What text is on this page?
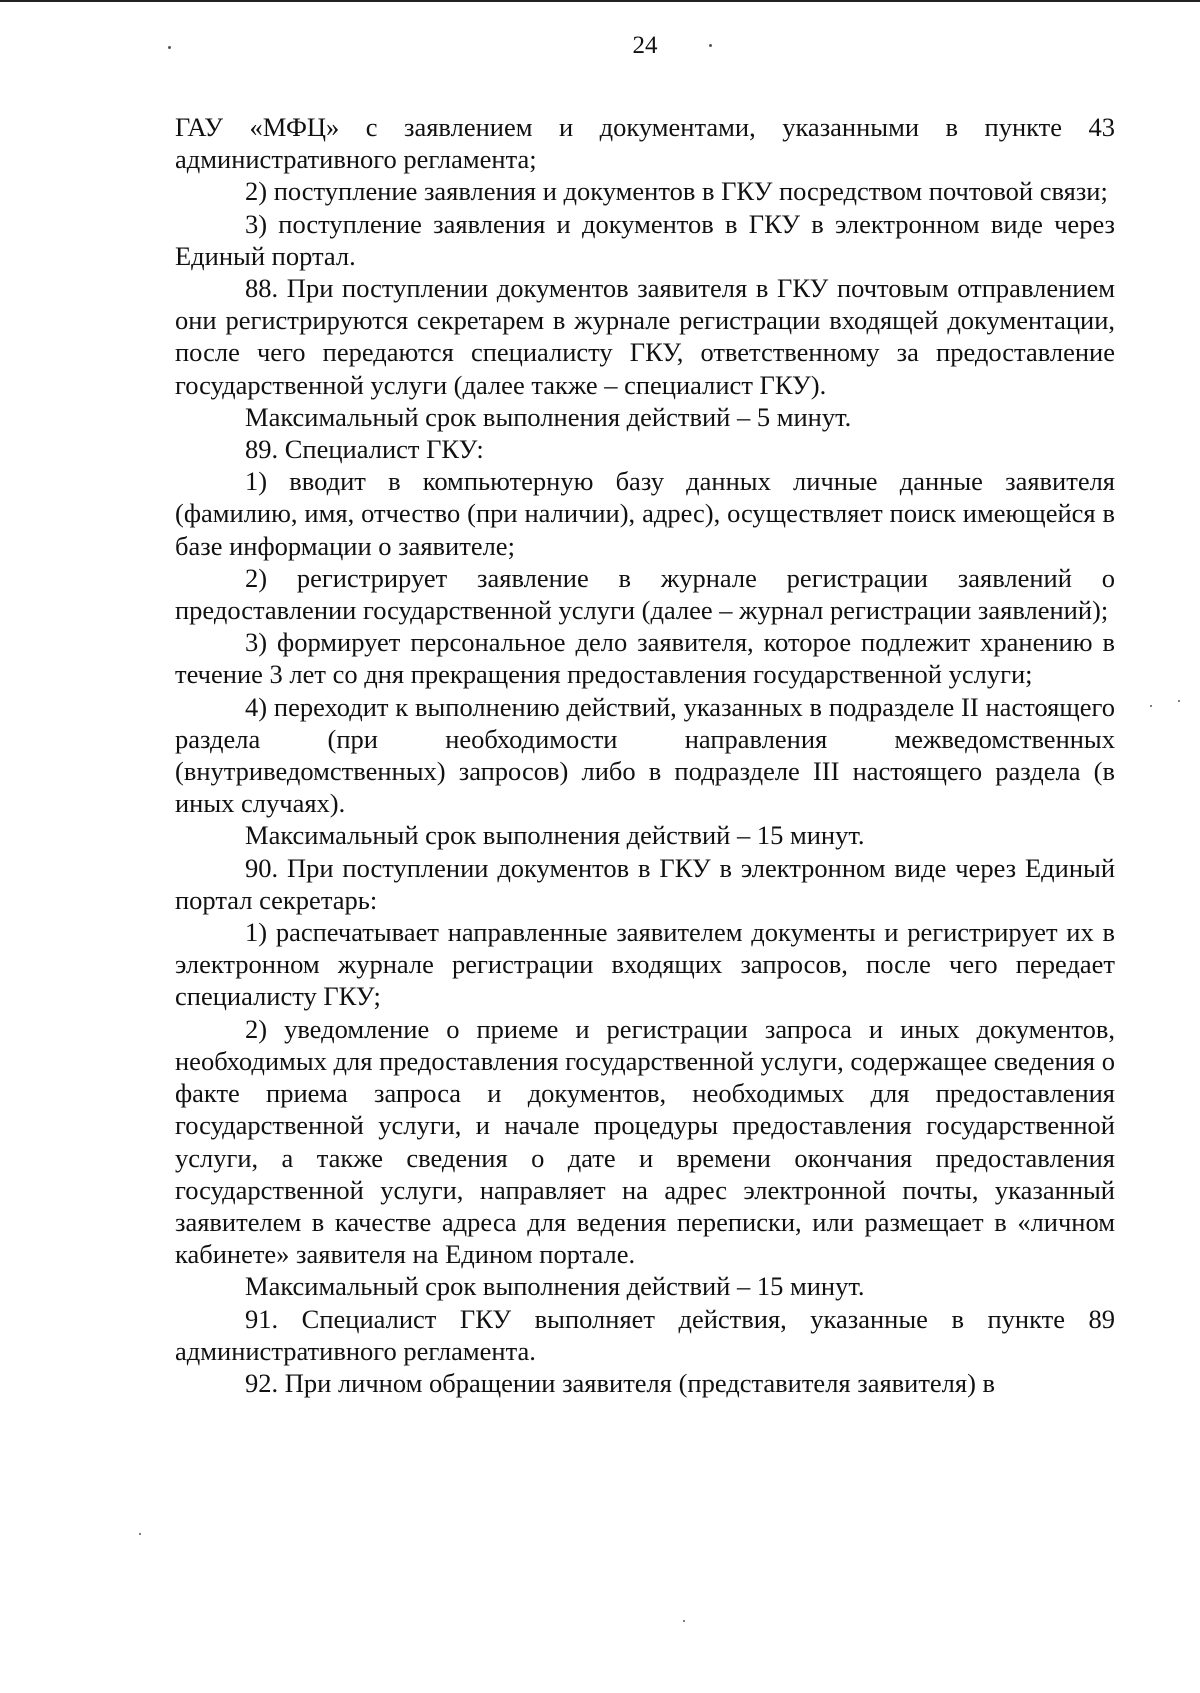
24

ГАУ «МФЦ» с заявлением и документами, указанными в пункте 43 административного регламента;

2) поступление заявления и документов в ГКУ посредством почтовой связи;

3) поступление заявления и документов в ГКУ в электронном виде через Единый портал.

88. При поступлении документов заявителя в ГКУ почтовым отправлением они регистрируются секретарем в журнале регистрации входящей документации, после чего передаются специалисту ГКУ, ответственному за предоставление государственной услуги (далее также – специалист ГКУ).

Максимальный срок выполнения действий – 5 минут.

89. Специалист ГКУ:

1) вводит в компьютерную базу данных личные данные заявителя (фамилию, имя, отчество (при наличии), адрес), осуществляет поиск имеющейся в базе информации о заявителе;

2) регистрирует заявление в журнале регистрации заявлений о предоставлении государственной услуги (далее – журнал регистрации заявлений);

3) формирует персональное дело заявителя, которое подлежит хранению в течение 3 лет со дня прекращения предоставления государственной услуги;

4) переходит к выполнению действий, указанных в подразделе II настоящего раздела (при необходимости направления межведомственных (внутриведомственных) запросов) либо в подразделе III настоящего раздела (в иных случаях).

Максимальный срок выполнения действий – 15 минут.

90. При поступлении документов в ГКУ в электронном виде через Единый портал секретарь:

1) распечатывает направленные заявителем документы и регистрирует их в электронном журнале регистрации входящих запросов, после чего передает специалисту ГКУ;

2) уведомление о приеме и регистрации запроса и иных документов, необходимых для предоставления государственной услуги, содержащее сведения о факте приема запроса и документов, необходимых для предоставления государственной услуги, и начале процедуры предоставления государственной услуги, а также сведения о дате и времени окончания предоставления государственной услуги, направляет на адрес электронной почты, указанный заявителем в качестве адреса для ведения переписки, или размещает в «личном кабинете» заявителя на Едином портале.

Максимальный срок выполнения действий – 15 минут.

91. Специалист ГКУ выполняет действия, указанные в пункте 89 административного регламента.

92. При личном обращении заявителя (представителя заявителя) в
